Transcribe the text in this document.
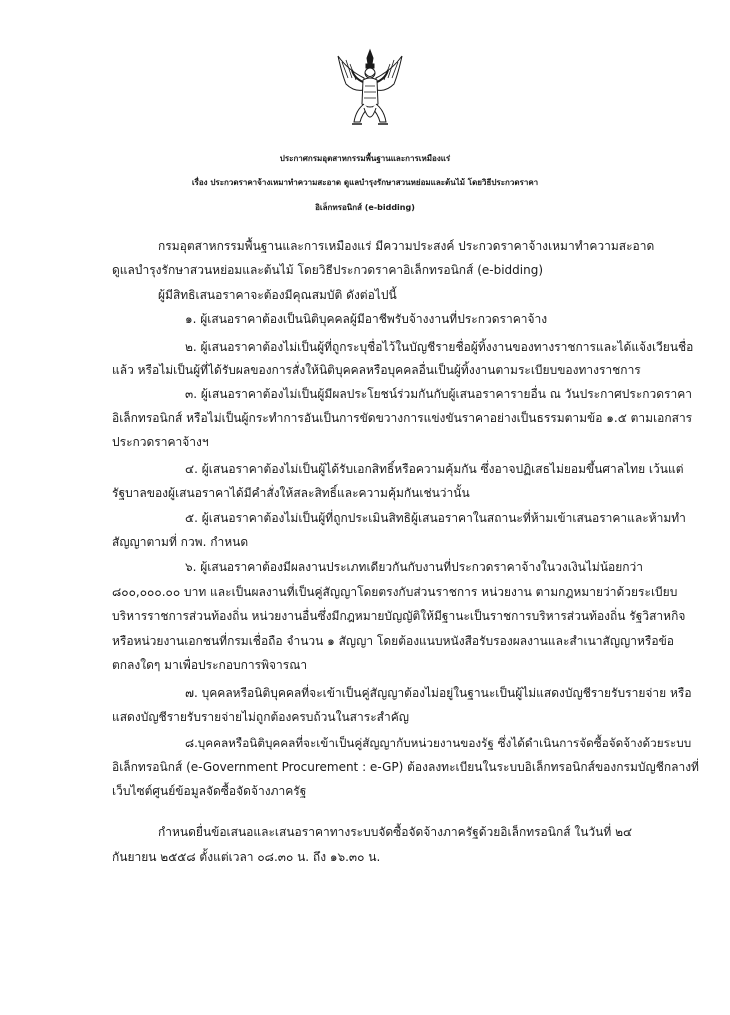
ประกาศกรมอุตสาหกรรมพื้นฐานและการเหมืองแร่
เรื่อง ประกวดราคาจ้างเหมาทำความสะอาด ดูแลบำรุงรักษาสวนหย่อมและต้นไม้ โดยวิธีประกวดราคา
อิเล็กทรอนิกส์ (e-bidding)

กรมอุตสาหกรรมพื้นฐานและการเหมืองแร่ มีความประสงค์ ประกวดราคาจ้างเหมาทำความสะอาด

ดูแลบำรุงรักษาสวนหย่อมและต้นไม้ โดยวิธีประกวดราคาอิเล็กทรอนิกส์ (e-bidding)

ผู้มีสิทธิเสนอราคาจะต้องมีคุณสมบัติ ดังต่อไปนี้

๑. ผู้เสนอราคาต้องเป็นนิติบุคคลผู้มีอาชีพรับจ้างงานที่ประกวดราคาจ้าง

๒. ผู้เสนอราคาต้องไม่เป็นผู้ที่ถูกระบุชื่อไว้ในบัญชีรายชื่อผู้ทิ้งงานของทางราชการและได้แจ้งเวียนชื่อ

แล้ว หรือไม่เป็นผู้ที่ได้รับผลของการสั่งให้นิติบุคคลหรือบุคคลอื่นเป็นผู้ทิ้งงานตามระเบียบของทางราชการ

๓. ผู้เสนอราคาต้องไม่เป็นผู้มีผลประโยชน์ร่วมกันกับผู้เสนอราคารายอื่น ณ วันประกาศประกวดราคา

อิเล็กทรอนิกส์ หรือไม่เป็นผู้กระทำการอันเป็นการขัดขวางการแข่งขันราคาอย่างเป็นธรรมตามข้อ ๑.๕ ตามเอกสาร

ประกวดราคาจ้างฯ

๔. ผู้เสนอราคาต้องไม่เป็นผู้ได้รับเอกสิทธิ์หรือความคุ้มกัน ซึ่งอาจปฏิเสธไม่ยอมขึ้นศาลไทย เว้นแต่

รัฐบาลของผู้เสนอราคาได้มีคำสั่งให้สละสิทธิ์และความคุ้มกันเช่นว่านั้น

๕. ผู้เสนอราคาต้องไม่เป็นผู้ที่ถูกประเมินสิทธิผู้เสนอราคาในสถานะที่ห้ามเข้าเสนอราคาและห้ามทำ

สัญญาตามที่ กวพ. กำหนด

๖. ผู้เสนอราคาต้องมีผลงานประเภทเดียวกันกับงานที่ประกวดราคาจ้างในวงเงินไม่น้อยกว่า

๘๐๐,๐๐๐.๐๐ บาท และเป็นผลงานที่เป็นคู่สัญญาโดยตรงกับส่วนราชการ หน่วยงาน ตามกฎหมายว่าด้วยระเบียบ

บริหารราชการส่วนท้องถิ่น หน่วยงานอื่นซึ่งมีกฎหมายบัญญัติให้มีฐานะเป็นราชการบริหารส่วนท้องถิ่น รัฐวิสาหกิจ

หรือหน่วยงานเอกชนที่กรมเชื่อถือ จำนวน ๑ สัญญา โดยต้องแนบหนังสือรับรองผลงานและสำเนาสัญญาหรือข้อ

ตกลงใดๆ มาเพื่อประกอบการพิจารณา

๗. บุคคลหรือนิติบุคคลที่จะเข้าเป็นคู่สัญญาต้องไม่อยู่ในฐานะเป็นผู้ไม่แสดงบัญชีรายรับรายจ่าย หรือ

แสดงบัญชีรายรับรายจ่ายไม่ถูกต้องครบถ้วนในสาระสำคัญ

๘.บุคคลหรือนิติบุคคลที่จะเข้าเป็นคู่สัญญากับหน่วยงานของรัฐ ซึ่งได้ดำเนินการจัดซื้อจัดจ้างด้วยระบบ

อิเล็กทรอนิกส์ (e-Government Procurement : e-GP) ต้องลงทะเบียนในระบบอิเล็กทรอนิกส์ของกรมบัญชีกลางที่

เว็บไซต์ศูนย์ข้อมูลจัดซื้อจัดจ้างภาครัฐ

กำหนดยื่นข้อเสนอและเสนอราคาทางระบบจัดซื้อจัดจ้างภาครัฐด้วยอิเล็กทรอนิกส์ ในวันที่ ๒๔

กันยายน ๒๕๕๘ ตั้งแต่เวลา ๐๘.๓๐ น. ถึง ๑๖.๓๐ น.
